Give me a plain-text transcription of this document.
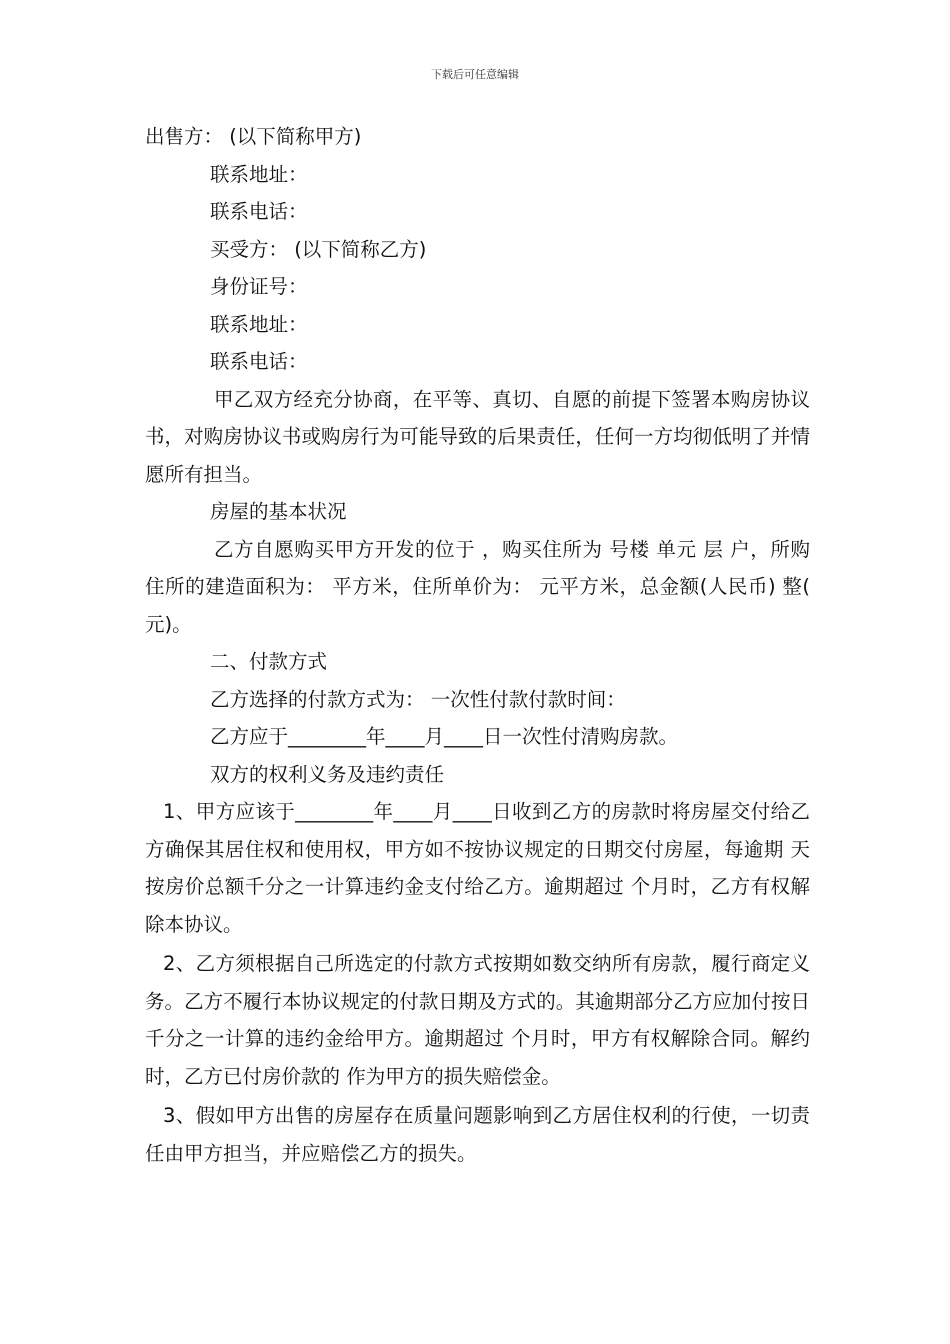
下载后可任意编辑
出售方： (以下简称甲方)
联系地址：
联系电话：
买受方： (以下简称乙方)
身份证号：
联系地址：
联系电话：

甲乙双方经充分协商，在平等、真切、自愿的前提下签署本购房协议书，对购房协议书或购房行为可能导致的后果责任，任何一方均彻低明了并情愿所有担当。

房屋的基本状况

乙方自愿购买甲方开发的位于 ，购买住所为 号楼 单元 层 户，所购住所的建造面积为： 平方米，住所单价为： 元平方米，总金额(人民币) 整( 元)。

二、付款方式
乙方选择的付款方式为： 一次性付款付款时间：
乙方应于________年____月____日一次性付清购房款。
双方的权利义务及违约责任

1、甲方应该于________年____月____日收到乙方的房款时将房屋交付给乙方确保其居住权和使用权，甲方如不按协议规定的日期交付房屋，每逾期 天按房价总额千分之一计算违约金支付给乙方。逾期超过 个月时，乙方有权解除本协议。

2、乙方须根据自己所选定的付款方式按期如数交纳所有房款，履行商定义务。乙方不履行本协议规定的付款日期及方式的。其逾期部分乙方应加付按日千分之一计算的违约金给甲方。逾期超过 个月时，甲方有权解除合同。解约时，乙方已付房价款的 作为甲方的损失赔偿金。

3、假如甲方出售的房屋存在质量问题影响到乙方居住权利的行使，一切责任由甲方担当，并应赔偿乙方的损失。
